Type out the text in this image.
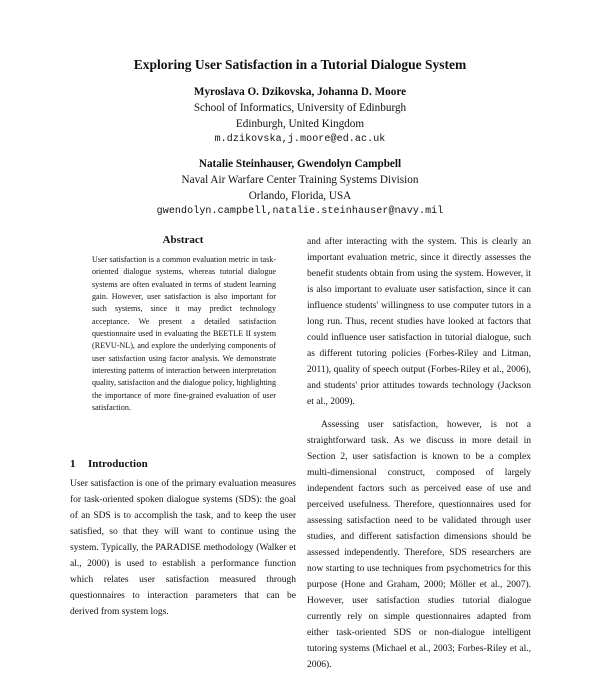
Exploring User Satisfaction in a Tutorial Dialogue System
Myroslava O. Dzikovska, Johanna D. Moore
School of Informatics, University of Edinburgh
Edinburgh, United Kingdom
m.dzikovska,j.moore@ed.ac.uk
Natalie Steinhauser, Gwendolyn Campbell
Naval Air Warfare Center Training Systems Division
Orlando, Florida, USA
gwendolyn.campbell,natalie.steinhauser@navy.mil
Abstract
User satisfaction is a common evaluation metric in task-oriented dialogue systems, whereas tutorial dialogue systems are often evaluated in terms of student learning gain. However, user satisfaction is also important for such systems, since it may predict technology acceptance. We present a detailed satisfaction questionnaire used in evaluating the BEETLE II system (REVU-NL), and explore the underlying components of user satisfaction using factor analysis. We demonstrate interesting patterns of interaction between interpretation quality, satisfaction and the dialogue policy, highlighting the importance of more fine-grained evaluation of user satisfaction.
1 Introduction

User satisfaction is one of the primary evaluation measures for task-oriented spoken dialogue systems (SDS): the goal of an SDS is to accomplish the task, and to keep the user satisfied, so that they will want to continue using the system. Typically, the PARADISE methodology (Walker et al., 2000) is used to establish a performance function which relates user satisfaction measured through questionnaires to interaction parameters that can be derived from system logs.

and after interacting with the system. This is clearly an important evaluation metric, since it directly assesses the benefit students obtain from using the system. However, it is also important to evaluate user satisfaction, since it can influence students' willingness to use computer tutors in a long run. Thus, recent studies have looked at factors that could influence user satisfaction in tutorial dialogue, such as different tutoring policies (Forbes-Riley and Litman, 2011), quality of speech output (Forbes-Riley et al., 2006), and students' prior attitudes towards technology (Jackson et al., 2009).

Assessing user satisfaction, however, is not a straightforward task. As we discuss in more detail in Section 2, user satisfaction is known to be a complex multi-dimensional construct, composed of largely independent factors such as perceived ease of use and perceived usefulness. Therefore, questionnaires used for assessing satisfaction need to be validated through user studies, and different satisfaction dimensions should be assessed independently. Therefore, SDS researchers are now starting to use techniques from psychometrics for this purpose (Hone and Graham, 2000; Möller et al., 2007). However, user satisfaction studies tutorial dialogue currently rely on simple questionnaires adapted from either task-oriented SDS or non-dialogue intelligent tutoring systems (Michael et al., 2003; Forbes-Riley et al., 2006).
